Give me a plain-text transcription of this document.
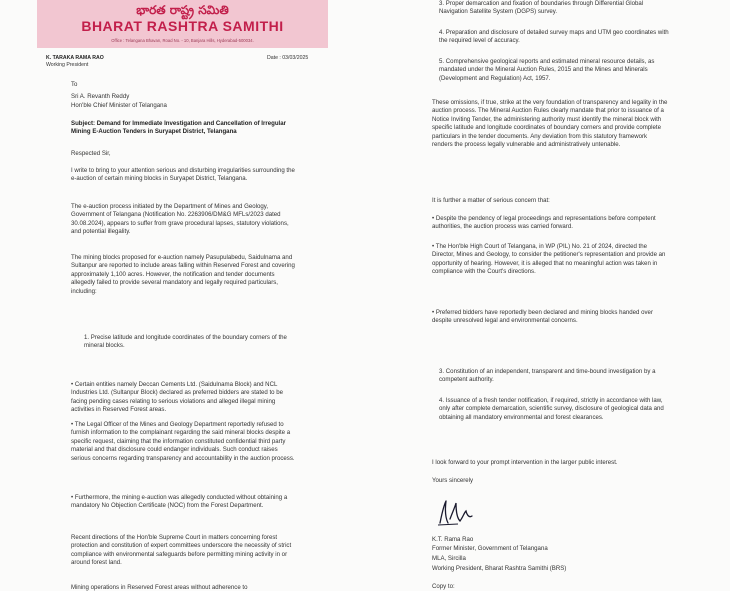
భారత రాష్ట్ర సమితి
BHARAT RASHTRA SAMITHI
Office : Telangana Bhavan, Road No. - 10, Banjara Hills, Hyderabad-500034.
K. TARAKA RAMA RAO
Working President
Date : 03/03/2025
To
Sri A. Revanth Reddy
Hon'ble Chief Minister of Telangana
Subject: Demand for Immediate Investigation and Cancellation of Irregular Mining E-Auction Tenders in Suryapet District, Telangana
Respected Sir,
I write to bring to your attention serious and disturbing irregularities surrounding the e-auction of certain mining blocks in Suryapet District, Telangana.
The e-auction process initiated by the Department of Mines and Geology, Government of Telangana (Notification No. 2263906/DM&G MFLs/2023 dated 30.08.2024), appears to suffer from grave procedural lapses, statutory violations, and potential illegality.
The mining blocks proposed for e-auction namely Pasupulabedu, Saidulnama and Sultanpur are reported to include areas falling within Reserved Forest and covering approximately 1,100 acres. However, the notification and tender documents allegedly failed to provide several mandatory and legally required particulars, including:
1. Precise latitude and longitude coordinates of the boundary corners of the mineral blocks.
• Certain entities namely Deccan Cements Ltd. (Saidulnama Block) and NCL Industries Ltd. (Sultanpur Block) declared as preferred bidders are stated to be facing pending cases relating to serious violations and alleged illegal mining activities in Reserved Forest areas.
• The Legal Officer of the Mines and Geology Department reportedly refused to furnish information to the complainant regarding the said mineral blocks despite a specific request, claiming that the information constituted confidential third party material and that disclosure could endanger individuals. Such conduct raises serious concerns regarding transparency and accountability in the auction process.
• Furthermore, the mining e-auction was allegedly conducted without obtaining a mandatory No Objection Certificate (NOC) from the Forest Department.
Recent directions of the Hon'ble Supreme Court in matters concerning forest protection and constitution of expert committees underscore the necessity of strict compliance with environmental safeguards before permitting mining activity in or around forest land.
Mining operations in Reserved Forest areas without adherence to
3. Proper demarcation and fixation of boundaries through Differential Global Navigation Satellite System (DGPS) survey.
4. Preparation and disclosure of detailed survey maps and UTM geo coordinates with the required level of accuracy.
5. Comprehensive geological reports and estimated mineral resource details, as mandated under the Mineral Auction Rules, 2015 and the Mines and Minerals (Development and Regulation) Act, 1957.
These omissions, if true, strike at the very foundation of transparency and legality in the auction process. The Mineral Auction Rules clearly mandate that prior to issuance of a Notice Inviting Tender, the administering authority must identify the mineral block with specific latitude and longitude coordinates of boundary corners and provide complete particulars in the tender documents. Any deviation from this statutory framework renders the process legally vulnerable and administratively untenable.
It is further a matter of serious concern that:
• Despite the pendency of legal proceedings and representations before competent authorities, the auction process was carried forward.
• The Hon'ble High Court of Telangana, in WP (PIL) No. 21 of 2024, directed the Director, Mines and Geology, to consider the petitioner's representation and provide an opportunity of hearing. However, it is alleged that no meaningful action was taken in compliance with the Court's directions.
• Preferred bidders have reportedly been declared and mining blocks handed over despite unresolved legal and environmental concerns.
3. Constitution of an independent, transparent and time-bound investigation by a competent authority.
4. Issuance of a fresh tender notification, if required, strictly in accordance with law, only after complete demarcation, scientific survey, disclosure of geological data and obtaining all mandatory environmental and forest clearances.
I look forward to your prompt intervention in the larger public interest.
Yours sincerely
K.T. Rama Rao
Former Minister, Government of Telangana
MLA, Sircilla
Working President, Bharat Rashtra Samithi (BRS)
Copy to:
